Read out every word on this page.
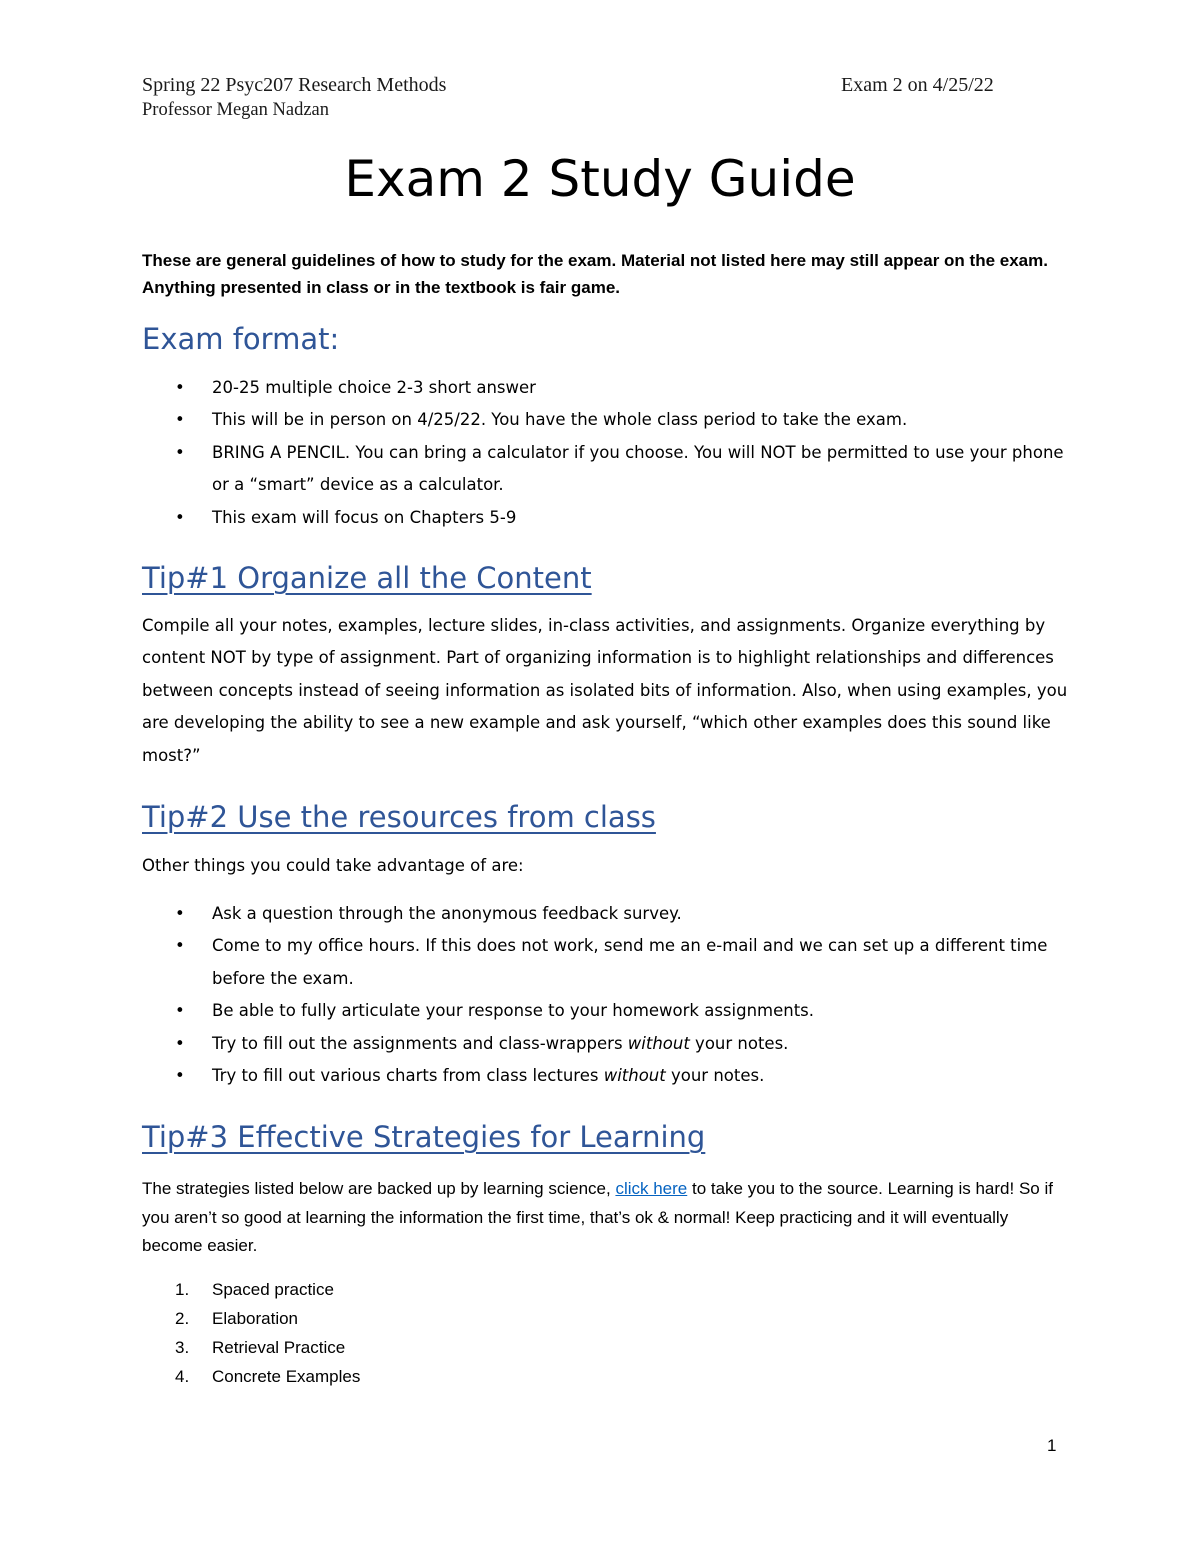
Spring 22 Psyc207 Research Methods
Professor Megan Nadzan
Exam 2 on 4/25/22
Exam 2 Study Guide

These are general guidelines of how to study for the exam. Material not listed here may still appear on the exam. Anything presented in class or in the textbook is fair game.

Exam format:
• 20-25 multiple choice 2-3 short answer
• This will be in person on 4/25/22. You have the whole class period to take the exam.
• BRING A PENCIL. You can bring a calculator if you choose. You will NOT be permitted to use your phone or a “smart” device as a calculator.
• This exam will focus on Chapters 5-9
Tip#1 Organize all the Content

Compile all your notes, examples, lecture slides, in-class activities, and assignments. Organize everything by content NOT by type of assignment. Part of organizing information is to highlight relationships and differences between concepts instead of seeing information as isolated bits of information. Also, when using examples, you are developing the ability to see a new example and ask yourself, “which other examples does this sound like most?”

Tip#2 Use the resources from class

Other things you could take advantage of are:

• Ask a question through the anonymous feedback survey.
• Come to my office hours. If this does not work, send me an e-mail and we can set up a different time before the exam.
• Be able to fully articulate your response to your homework assignments.
• Try to fill out the assignments and class-wrappers without your notes.
• Try to fill out various charts from class lectures without your notes.
Tip#3 Effective Strategies for Learning

The strategies listed below are backed up by learning science, click here to take you to the source. Learning is hard! So if you aren’t so good at learning the information the first time, that’s ok & normal! Keep practicing and it will eventually become easier.

1. Spaced practice
2. Elaboration
3. Retrieval Practice
4. Concrete Examples
1
